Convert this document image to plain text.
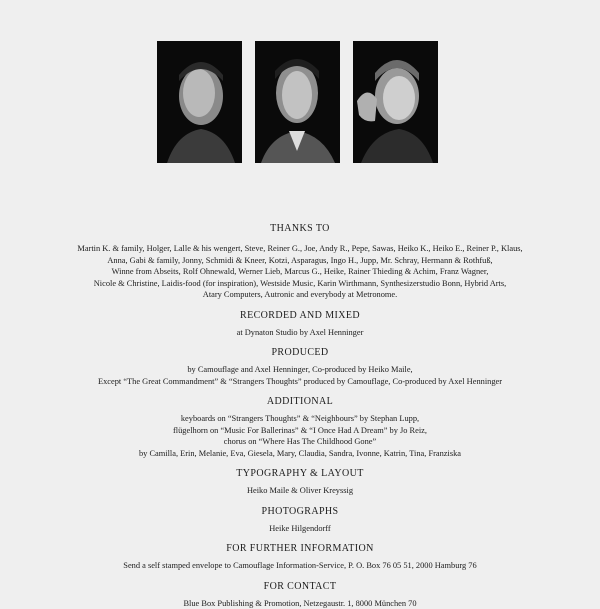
THANKS TO

Martin K. & family, Holger, Lalle & his wengert, Steve, Reiner G., Joe, Andy R., Pepe, Sawas, Heiko K., Heiko E., Reiner P., Klaus,

Anna, Gabi & family, Jonny, Schmidi & Kneer, Kotzi, Asparagus, Ingo H., Jupp, Mr. Schray, Hermann & Rothfuß,

Winne from Abseits, Rolf Ohnewald, Werner Lieb, Marcus G., Heike, Rainer Thieding & Achim, Franz Wagner,

Nicole & Christine, Laidis-food (for inspiration), Westside Music, Karin Wirthmann, Synthesizerstudio Bonn, Hybrid Arts,

Atary Computers, Autronic and everybody at Metronome.

RECORDED AND MIXED

at Dynaton Studio by Axel Henninger

PRODUCED

by Camouflage and Axel Henninger, Co-produced by Heiko Maile,

Except “The Great Commandment” & “Strangers Thoughts” produced by Camouflage, Co-produced by Axel Henninger

ADDITIONAL

keyboards on “Strangers Thoughts” & “Neighbours” by Stephan Lupp,

flügelhorn on “Music For Ballerinas” & “I Once Had A Dream” by Jo Reiz,

chorus on “Where Has The Childhood Gone”

by Camilla, Erin, Melanie, Eva, Giesela, Mary, Claudia, Sandra, Ivonne, Katrin, Tina, Franziska

TYPOGRAPHY & LAYOUT

Heiko Maile & Oliver Kreyssig

PHOTOGRAPHS

Heike Hilgendorff

FOR FURTHER INFORMATION

Send a self stamped envelope to Camouflage Information-Service, P. O. Box 76 05 51, 2000 Hamburg 76

FOR CONTACT

Blue Box Publishing & Promotion, Netzegaustr. 1, 8000 München 70
